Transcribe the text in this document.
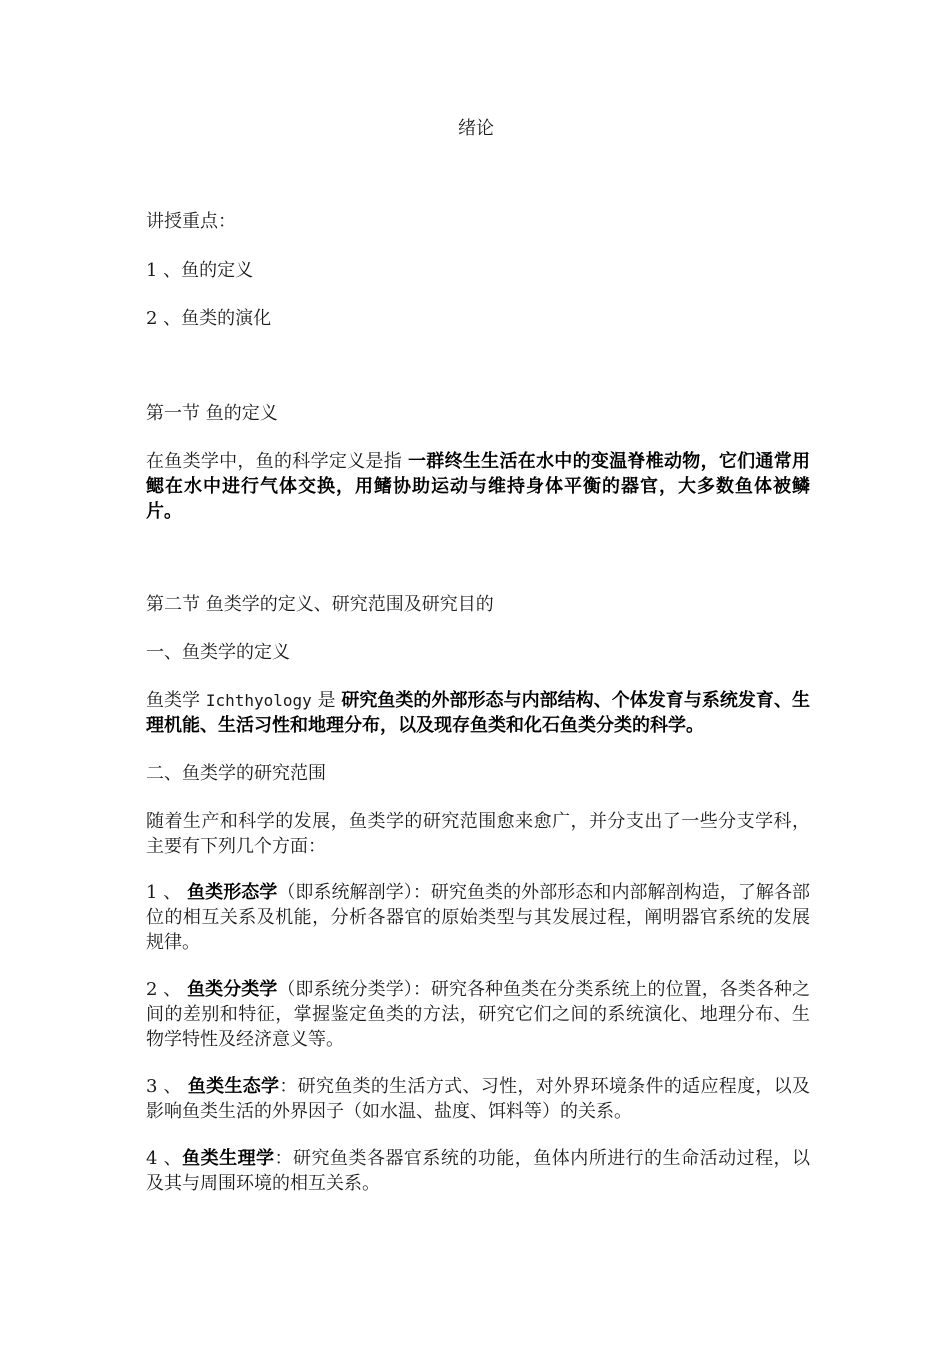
绪论
讲授重点：
1 、鱼的定义
2 、鱼类的演化
第一节 鱼的定义
在鱼类学中，鱼的科学定义是指 一群终生生活在水中的变温脊椎动物，它们通常用鳃在水中进行气体交换，用鳍协助运动与维持身体平衡的器官，大多数鱼体被鳞片。
第二节 鱼类学的定义、研究范围及研究目的
一、鱼类学的定义
鱼类学 Ichthyology 是 研究鱼类的外部形态与内部结构、个体发育与系统发育、生理机能、生活习性和地理分布，以及现存鱼类和化石鱼类分类的科学。
二、鱼类学的研究范围
随着生产和科学的发展，鱼类学的研究范围愈来愈广，并分支出了一些分支学科，主要有下列几个方面：
1 、 鱼类形态学（即系统解剖学）：研究鱼类的外部形态和内部解剖构造，了解各部位的相互关系及机能，分析各器官的原始类型与其发展过程，阐明器官系统的发展规律。
2 、 鱼类分类学（即系统分类学）：研究各种鱼类在分类系统上的位置，各类各种之间的差别和特征，掌握鉴定鱼类的方法，研究它们之间的系统演化、地理分布、生物学特性及经济意义等。
3 、 鱼类生态学：研究鱼类的生活方式、习性，对外界环境条件的适应程度，以及影响鱼类生活的外界因子（如水温、盐度、饵料等）的关系。
4 、鱼类生理学：研究鱼类各器官系统的功能，鱼体内所进行的生命活动过程，以及其与周围环境的相互关系。
